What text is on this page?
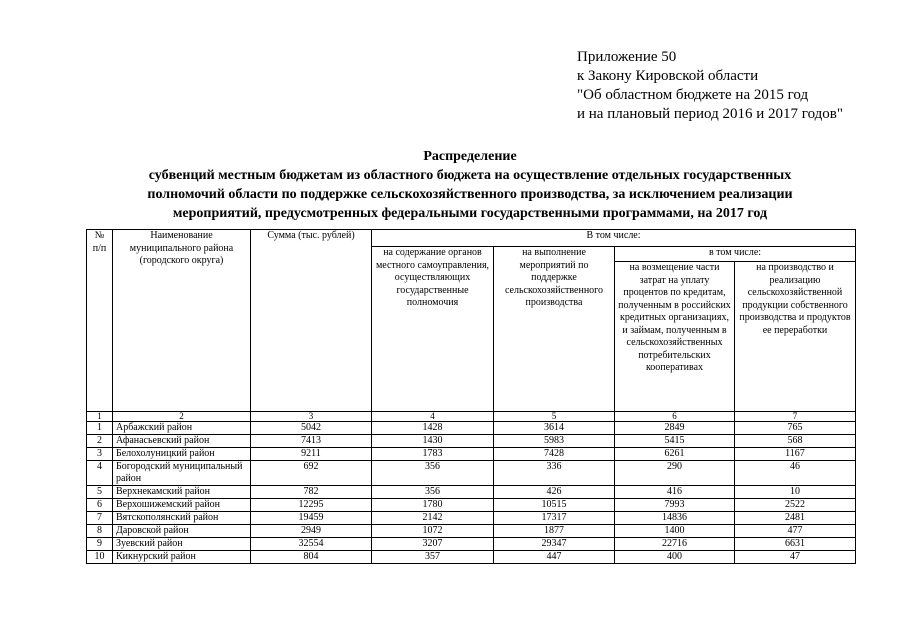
Приложение 50
к Закону Кировской области
"Об областном бюджете на 2015 год
и на плановый период 2016 и 2017 годов"
Распределение
субвенций местным бюджетам из областного бюджета на осуществление отдельных государственных
полномочий области по поддержке сельскохозяйственного производства, за исключением реализации
мероприятий, предусмотренных федеральными государственными программами, на 2017 год
№ п/п	Наименование муниципального района (городского округа)	Сумма (тыс. рублей)	В том числе:			
			на содержание органов местного самоуправления, осуществляющих государственные полномочия	на выполнение мероприятий по поддержке сельскохозяйственного производства	в том числе:	
					на возмещение части затрат на уплату процентов по кредитам, полученным в российских кредитных организациях, и займам, полученным в сельскохозяйственных потребительских кооперативах	на производство и реализацию сельскохозяйственной продукции собственного производства и продуктов ее переработки
1	2	3	4	5	6	7
1	Арбажский район	5042	1428	3614	2849	765
2	Афанасьевский район	7413	1430	5983	5415	568
3	Белохолуницкий район	9211	1783	7428	6261	1167
4	Богородский муниципальный район	692	356	336	290	46
5	Верхнекамский район	782	356	426	416	10
6	Верхошижемский район	12295	1780	10515	7993	2522
7	Вятскополянский район	19459	2142	17317	14836	2481
8	Даровской район	2949	1072	1877	1400	477
9	Зуевский район	32554	3207	29347	22716	6631
10	Кикнурский район	804	357	447	400	47
